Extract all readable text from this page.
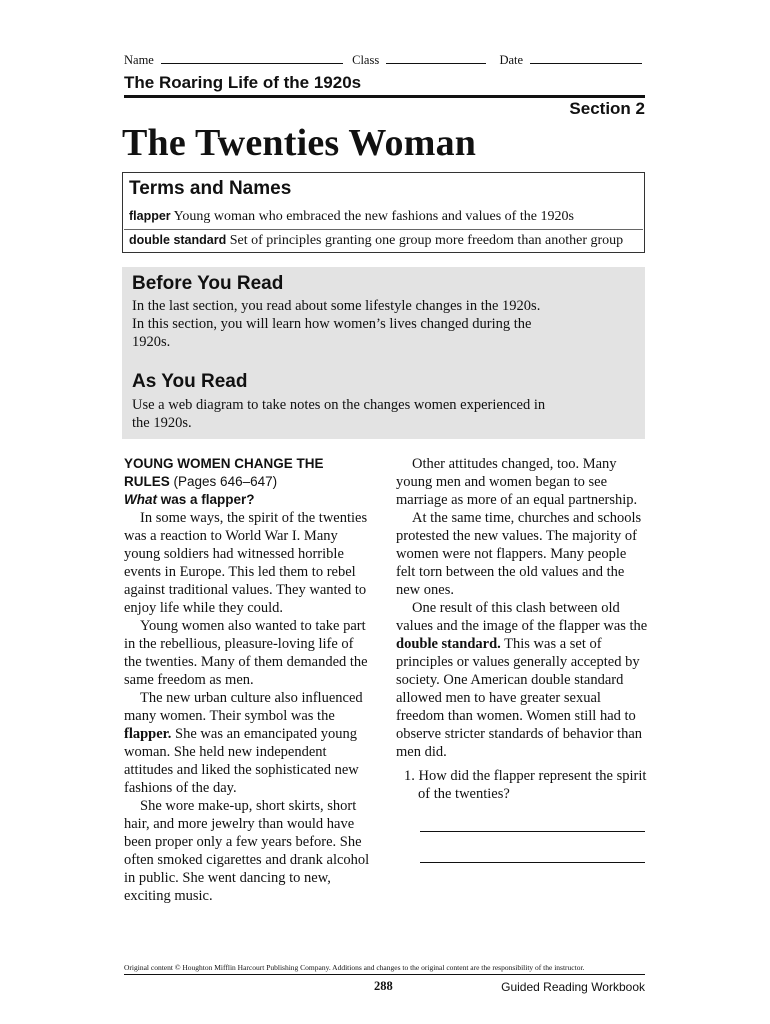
Name	Class	Date
The Roaring Life of the 1920s
Section 2
The Twenties Woman
Terms and Names
flapper Young woman who embraced the new fashions and values of the 1920s
double standard Set of principles granting one group more freedom than another group
Before You Read
In the last section, you read about some lifestyle changes in the 1920s.
In this section, you will learn how women’s lives changed during the
1920s.
As You Read
Use a web diagram to take notes on the changes women experienced in
the 1920s.
YOUNG WOMEN CHANGE THE
RULES (Pages 646–647)
What was a flapper?

In some ways, the spirit of the twenties was a reaction to World War I. Many young soldiers had witnessed horrible events in Europe. This led them to rebel against traditional values. They wanted to enjoy life while they could.

Young women also wanted to take part in the rebellious, pleasure-loving life of the twenties. Many of them demanded the same freedom as men.

The new urban culture also influenced many women. Their symbol was the flapper. She was an emancipated young woman. She held new independent attitudes and liked the sophisticated new fashions of the day.

She wore make-up, short skirts, short hair, and more jewelry than would have been proper only a few years before. She often smoked cigarettes and drank alcohol in public. She went dancing to new, exciting music.

Other attitudes changed, too. Many young men and women began to see marriage as more of an equal partnership.

At the same time, churches and schools protested the new values. The majority of women were not flappers. Many people felt torn between the old values and the new ones.

One result of this clash between old values and the image of the flapper was the double standard. This was a set of principles or values generally accepted by society. One American double standard allowed men to have greater sexual freedom than women. Women still had to observe stricter standards of behavior than men did.

1. How did the flapper represent the spirit of the twenties?

Original content © Houghton Mifflin Harcourt Publishing Company. Additions and changes to the original content are the responsibility of the instructor.
288	Guided Reading Workbook
